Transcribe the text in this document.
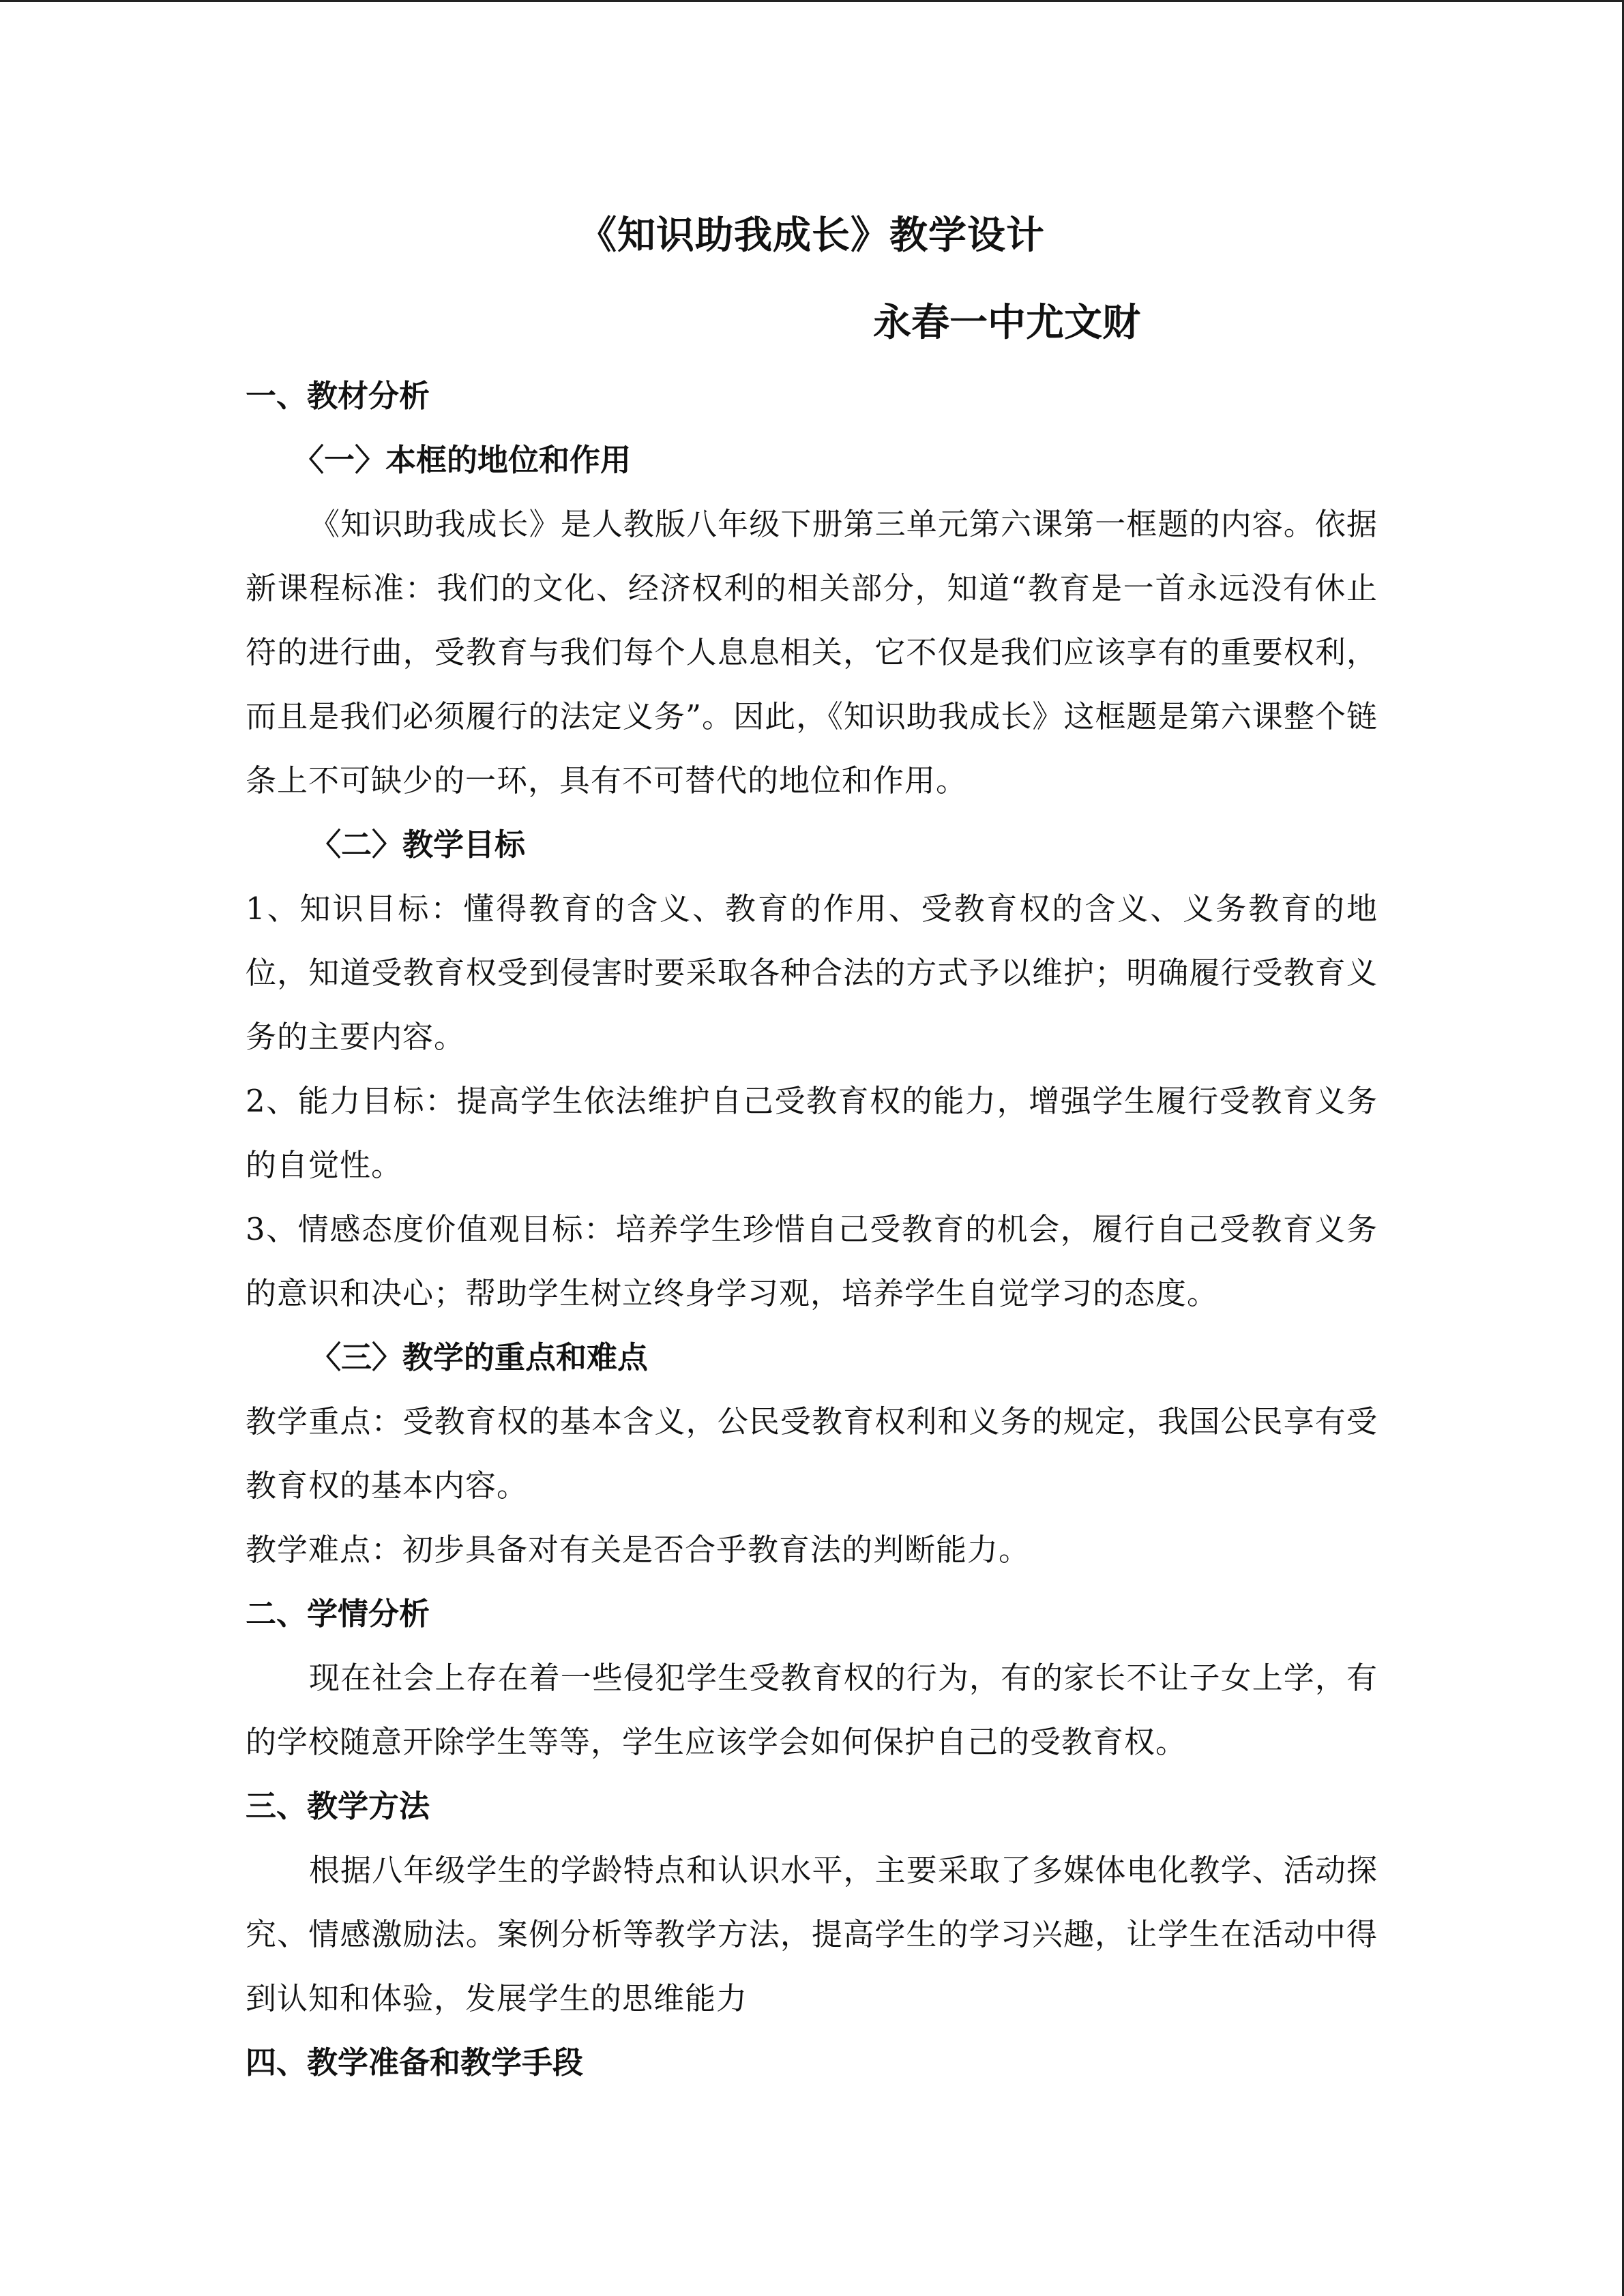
《知识助我成长》教学设计
永春一中尤文财
一、教材分析
〈一〉本框的地位和作用

《知识助我成长》是人教版八年级下册第三单元第六课第一框题的内容。依据新课程标准：我们的文化、经济权利的相关部分，知道“教育是一首永远没有休止符的进行曲，受教育与我们每个人息息相关，它不仅是我们应该享有的重要权利，而且是我们必须履行的法定义务”。因此，《知识助我成长》这框题是第六课整个链条上不可缺少的一环，具有不可替代的地位和作用。

〈二〉教学目标

1、知识目标：懂得教育的含义、教育的作用、受教育权的含义、义务教育的地位，知道受教育权受到侵害时要采取各种合法的方式予以维护；明确履行受教育义务的主要内容。

2、能力目标：提高学生依法维护自己受教育权的能力，增强学生履行受教育义务的自觉性。

3、情感态度价值观目标：培养学生珍惜自己受教育的机会，履行自己受教育义务的意识和决心；帮助学生树立终身学习观，培养学生自觉学习的态度。

〈三〉教学的重点和难点

教学重点：受教育权的基本含义，公民受教育权利和义务的规定，我国公民享有受教育权的基本内容。

教学难点：初步具备对有关是否合乎教育法的判断能力。

二、学情分析

现在社会上存在着一些侵犯学生受教育权的行为，有的家长不让子女上学，有的学校随意开除学生等等，学生应该学会如何保护自己的受教育权。

三、教学方法

根据八年级学生的学龄特点和认识水平，主要采取了多媒体电化教学、活动探究、情感激励法。案例分析等教学方法，提高学生的学习兴趣，让学生在活动中得到认知和体验，发展学生的思维能力

四、教学准备和教学手段
